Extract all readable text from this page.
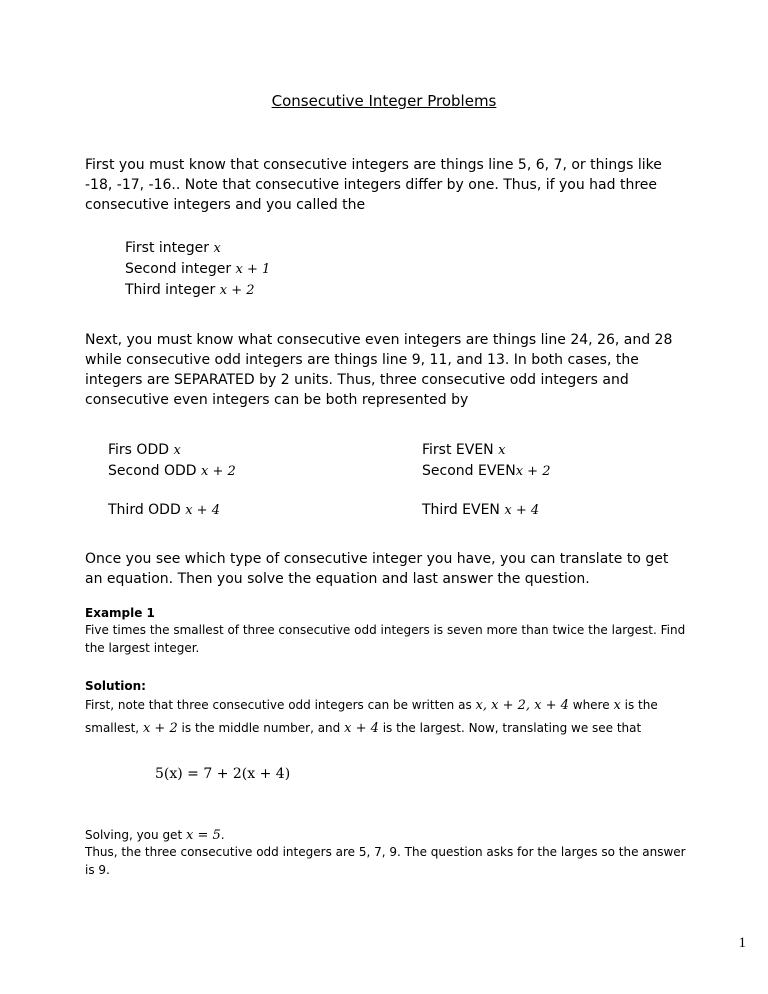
Consecutive Integer Problems
First you must know that consecutive integers are things line 5, 6, 7, or things like -18, -17, -16.. Note that consecutive integers differ by one. Thus, if you had three consecutive integers and you called the
First integer x
Second integer x + 1
Third integer x + 2
Next, you must know what consecutive even integers are things line 24, 26, and 28 while consecutive odd integers are things line 9, 11, and 13. In both cases, the integers are SEPARATED by 2 units. Thus, three consecutive odd integers and consecutive even integers can be both represented by
Firs ODD x
Second ODD x + 2
Third ODD x + 4
First EVEN x
Second EVENx + 2
Third EVEN x + 4
Once you see which type of consecutive integer you have, you can translate to get an equation. Then you solve the equation and last answer the question.
Example 1
Five times the smallest of three consecutive odd integers is seven more than twice the largest. Find the largest integer.
Solution:
First, note that three consecutive odd integers can be written as x, x + 2, x + 4 where x is the smallest, x + 2 is the middle number, and x + 4 is the largest. Now, translating we see that
5(x) = 7 + 2(x + 4)
Solving, you get x = 5.
Thus, the three consecutive odd integers are 5, 7, 9. The question asks for the larges so the answer is 9.
1
